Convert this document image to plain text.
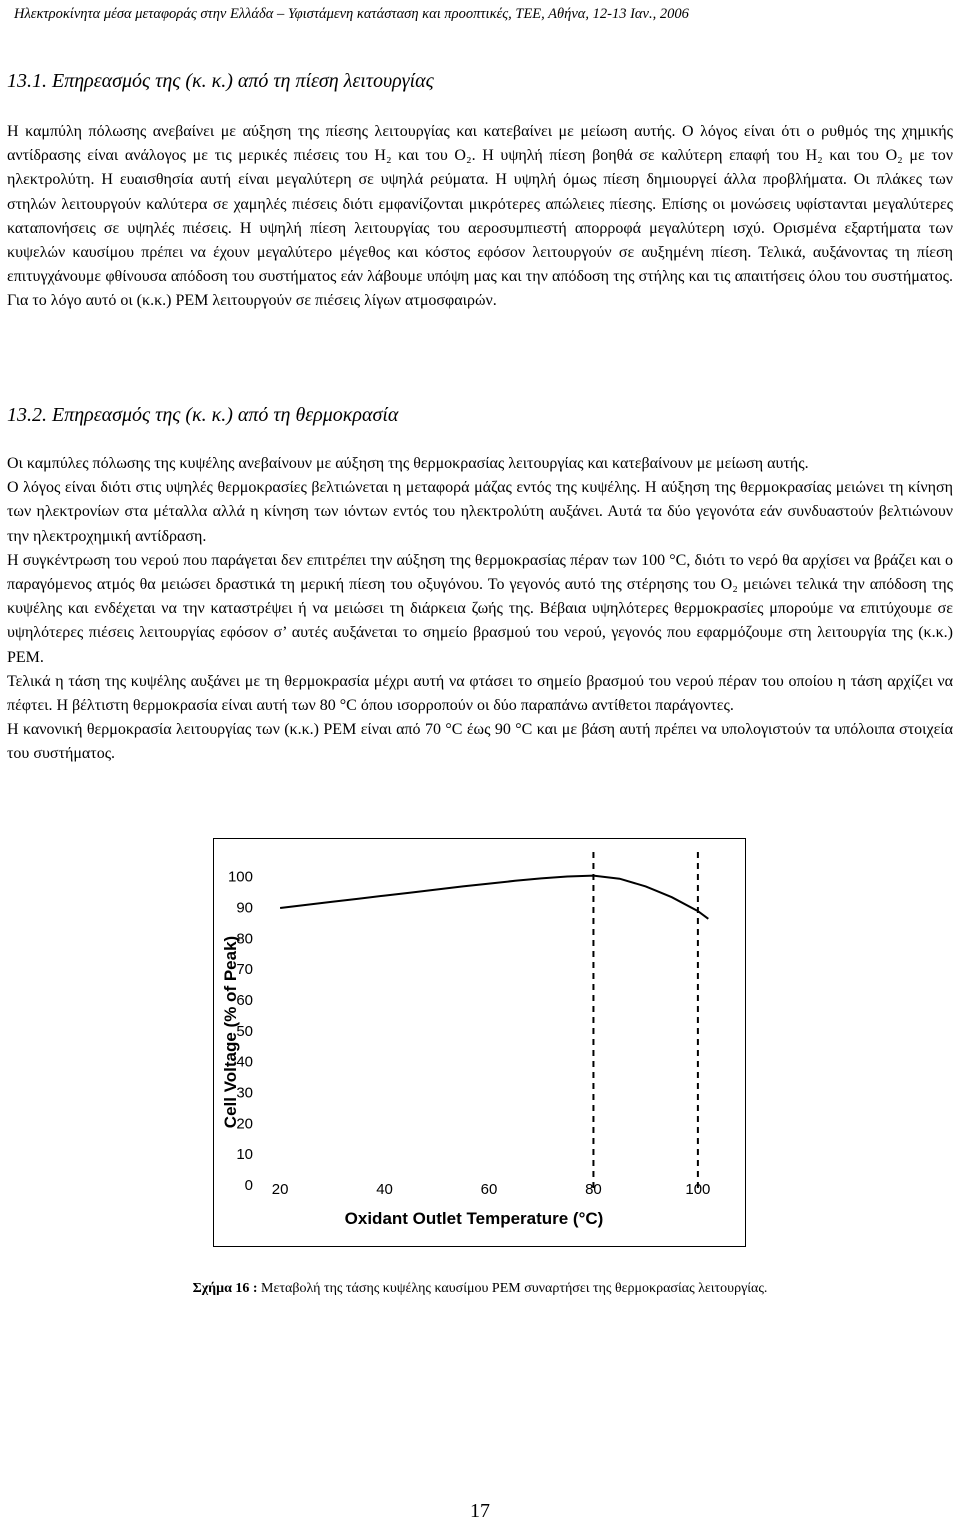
Ηλεκτροκίνητα μέσα μεταφοράς στην Ελλάδα – Υφιστάμενη κατάσταση και προοπτικές, ΤΕΕ, Αθήνα, 12-13 Ιαν., 2006
13.1. Επηρεασμός της (κ. κ.) από τη πίεση λειτουργίας

Η καμπύλη πόλωσης ανεβαίνει με αύξηση της πίεσης λειτουργίας και κατεβαίνει με μείωση αυτής. Ο λόγος είναι ότι ο ρυθμός της χημικής αντίδρασης είναι ανάλογος με τις μερικές πιέσεις του H₂ και του O₂. Η υψηλή πίεση βοηθά σε καλύτερη επαφή του H₂ και του O₂ με τον ηλεκτρολύτη. Η ευαισθησία αυτή είναι μεγαλύτερη σε υψηλά ρεύματα. Η υψηλή όμως πίεση δημιουργεί άλλα προβλήματα. Οι πλάκες των στηλών λειτουργούν καλύτερα σε χαμηλές πιέσεις διότι εμφανίζονται μικρότερες απώλειες πίεσης. Επίσης οι μονώσεις υφίστανται μεγαλύτερες καταπονήσεις σε υψηλές πιέσεις. Η υψηλή πίεση λειτουργίας του αεροσυμπιεστή απορροφά μεγαλύτερη ισχύ. Ορισμένα εξαρτήματα των κυψελών καυσίμου πρέπει να έχουν μεγαλύτερο μέγεθος και κόστος εφόσον λειτουργούν σε αυξημένη πίεση. Τελικά, αυξάνοντας τη πίεση επιτυγχάνουμε φθίνουσα απόδοση του συστήματος εάν λάβουμε υπόψη μας και την απόδοση της στήλης και τις απαιτήσεις όλου του συστήματος. Για το λόγο αυτό οι (κ.κ.) PEM λειτουργούν σε πιέσεις λίγων ατμοσφαιρών.

13.2. Επηρεασμός της (κ. κ.) από τη θερμοκρασία

Οι καμπύλες πόλωσης της κυψέλης ανεβαίνουν με αύξηση της θερμοκρασίας λειτουργίας και κατεβαίνουν με μείωση αυτής.

Ο λόγος είναι διότι στις υψηλές θερμοκρασίες βελτιώνεται η μεταφορά μάζας εντός της κυψέλης. Η αύξηση της θερμοκρασίας μειώνει τη κίνηση των ηλεκτρονίων στα μέταλλα αλλά η κίνηση των ιόντων εντός του ηλεκτρολύτη αυξάνει. Αυτά τα δύο γεγονότα εάν συνδυαστούν βελτιώνουν την ηλεκτροχημική αντίδραση.

Η συγκέντρωση του νερού που παράγεται δεν επιτρέπει την αύξηση της θερμοκρασίας πέραν των 100 °C, διότι το νερό θα αρχίσει να βράζει και ο παραγόμενος ατμός θα μειώσει δραστικά τη μερική πίεση του οξυγόνου. Το γεγονός αυτό της στέρησης του O₂ μειώνει τελικά την απόδοση της κυψέλης και ενδέχεται να την καταστρέψει ή να μειώσει τη διάρκεια ζωής της. Βέβαια υψηλότερες θερμοκρασίες μπορούμε να επιτύχουμε σε υψηλότερες πιέσεις λειτουργίας εφόσον σ’ αυτές αυξάνεται το σημείο βρασμού του νερού, γεγονός που εφαρμόζουμε στη λειτουργία της (κ.κ.) PEM.

Τελικά η τάση της κυψέλης αυξάνει με τη θερμοκρασία μέχρι αυτή να φτάσει το σημείο βρασμού του νερού πέραν του οποίου η τάση αρχίζει να πέφτει. Η βέλτιστη θερμοκρασία είναι αυτή των 80 °C όπου ισορροπούν οι δύο παραπάνω αντίθετοι παράγοντες.

Η κανονική θερμοκρασία λειτουργίας των (κ.κ.) PEM είναι από 70 °C έως 90 °C και με βάση αυτή πρέπει να υπολογιστούν τα υπόλοιπα στοιχεία του συστήματος.

0
10
20
30
40
50
60
70
80
90
100
20	40	60	80	100
Cell Voltage (% of Peak)
Oxidant Outlet Temperature (°C)
Σχήμα 16 : Μεταβολή της τάσης κυψέλης καυσίμου PEM συναρτήσει της θερμοκρασίας λειτουργίας.
17
